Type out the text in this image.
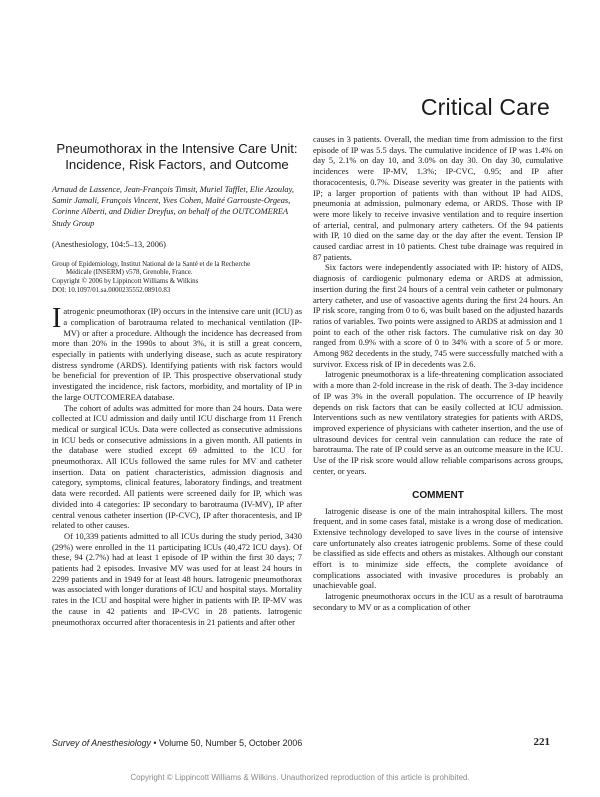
Critical Care
Pneumothorax in the Intensive Care Unit: Incidence, Risk Factors, and Outcome
Arnaud de Lassence, Jean-François Timsit, Muriel Tafflet, Elie Azoulay, Samir Jamali, François Vincent, Yves Cohen, Maïté Garrouste-Orgeas, Corinne Alberti, and Didier Dreyfus, on behalf of the OUTCOMEREA Study Group
(Anesthesiology, 104:5–13, 2006)
Group of Epidemiology, Institut National de la Santé et de la Recherche
Médicale (INSERM) v578, Grenoble, France.
Copyright © 2006 by Lippincott Williams & Wilkins
DOI: 10.1097/01.sa.0000235552.08910.83

Iatrogenic pneumothorax (IP) occurs in the intensive care unit (ICU) as a complication of barotrauma related to mechanical ventilation (IP-MV) or after a procedure. Although the incidence has decreased from more than 20% in the 1990s to about 3%, it is still a great concern, especially in patients with underlying disease, such as acute respiratory distress syndrome (ARDS). Identifying patients with risk factors would be beneficial for prevention of IP. This prospective observational study investigated the incidence, risk factors, morbidity, and mortality of IP in the large OUTCOMEREA database.

The cohort of adults was admitted for more than 24 hours. Data were collected at ICU admission and daily until ICU discharge from 11 French medical or surgical ICUs. Data were collected as consecutive admissions in ICU beds or consecutive admissions in a given month. All patients in the database were studied except 69 admitted to the ICU for pneumothorax. All ICUs followed the same rules for MV and catheter insertion. Data on patient characteristics, admission diagnosis and category, symptoms, clinical features, laboratory findings, and treatment data were recorded. All patients were screened daily for IP, which was divided into 4 categories: IP secondary to barotrauma (IV-MV), IP after central venous catheter insertion (IP-CVC), IP after thoracentesis, and IP related to other causes.

Of 10,339 patients admitted to all ICUs during the study period, 3430 (29%) were enrolled in the 11 participating ICUs (40,472 ICU days). Of these, 94 (2.7%) had at least 1 episode of IP within the first 30 days; 7 patients had 2 episodes. Invasive MV was used for at least 24 hours in 2299 patients and in 1949 for at least 48 hours. Iatrogenic pneumothorax was associated with longer durations of ICU and hospital stays. Mortality rates in the ICU and hospital were higher in patients with IP. IP-MV was the cause in 42 patients and IP-CVC in 28 patients. Iatrogenic pneumothorax occurred after thoracentesis in 21 patients and after other

causes in 3 patients. Overall, the median time from admission to the first episode of IP was 5.5 days. The cumulative incidence of IP was 1.4% on day 5, 2.1% on day 10, and 3.0% on day 30. On day 30, cumulative incidences were IP-MV, 1.3%; IP-CVC, 0.95; and IP after thoracocentesis, 0.7%. Disease severity was greater in the patients with IP; a larger proportion of patients with than without IP had AIDS, pneumonia at admission, pulmonary edema, or ARDS. Those with IP were more likely to receive invasive ventilation and to require insertion of arterial, central, and pulmonary artery catheters. Of the 94 patients with IP, 10 died on the same day or the day after the event. Tension IP caused cardiac arrest in 10 patients. Chest tube drainage was required in 87 patients.

Six factors were independently associated with IP: history of AIDS, diagnosis of cardiogenic pulmonary edema or ARDS at admission, insertion during the first 24 hours of a central vein catheter or pulmonary artery catheter, and use of vasoactive agents during the first 24 hours. An IP risk score, ranging from 0 to 6, was built based on the adjusted hazards ratios of variables. Two points were assigned to ARDS at admission and 1 point to each of the other risk factors. The cumulative risk on day 30 ranged from 0.9% with a score of 0 to 34% with a score of 5 or more. Among 982 decedents in the study, 745 were successfully matched with a survivor. Excess risk of IP in decedents was 2.6.

Iatrogenic pneumothorax is a life-threatening complication associated with a more than 2-fold increase in the risk of death. The 3-day incidence of IP was 3% in the overall population. The occurrence of IP heavily depends on risk factors that can be easily collected at ICU admission. Interventions such as new ventilatory strategies for patients with ARDS, improved experience of physicians with catheter insertion, and the use of ultrasound devices for central vein cannulation can reduce the rate of barotrauma. The rate of IP could serve as an outcome measure in the ICU. Use of the IP risk score would allow reliable comparisons across groups, center, or years.

COMMENT

Iatrogenic disease is one of the main intrahospital killers. The most frequent, and in some cases fatal, mistake is a wrong dose of medication. Extensive technology developed to save lives in the course of intensive care unfortunately also creates iatrogenic problems. Some of these could be classified as side effects and others as mistakes. Although our constant effort is to minimize side effects, the complete avoidance of complications associated with invasive procedures is probably an unachievable goal.

Iatrogenic pneumothorax occurs in the ICU as a result of barotrauma secondary to MV or as a complication of other

Survey of Anesthesiology • Volume 50, Number 5, October 2006	221
Copyright © Lippincott Williams & Wilkins. Unauthorized reproduction of this article is prohibited.
